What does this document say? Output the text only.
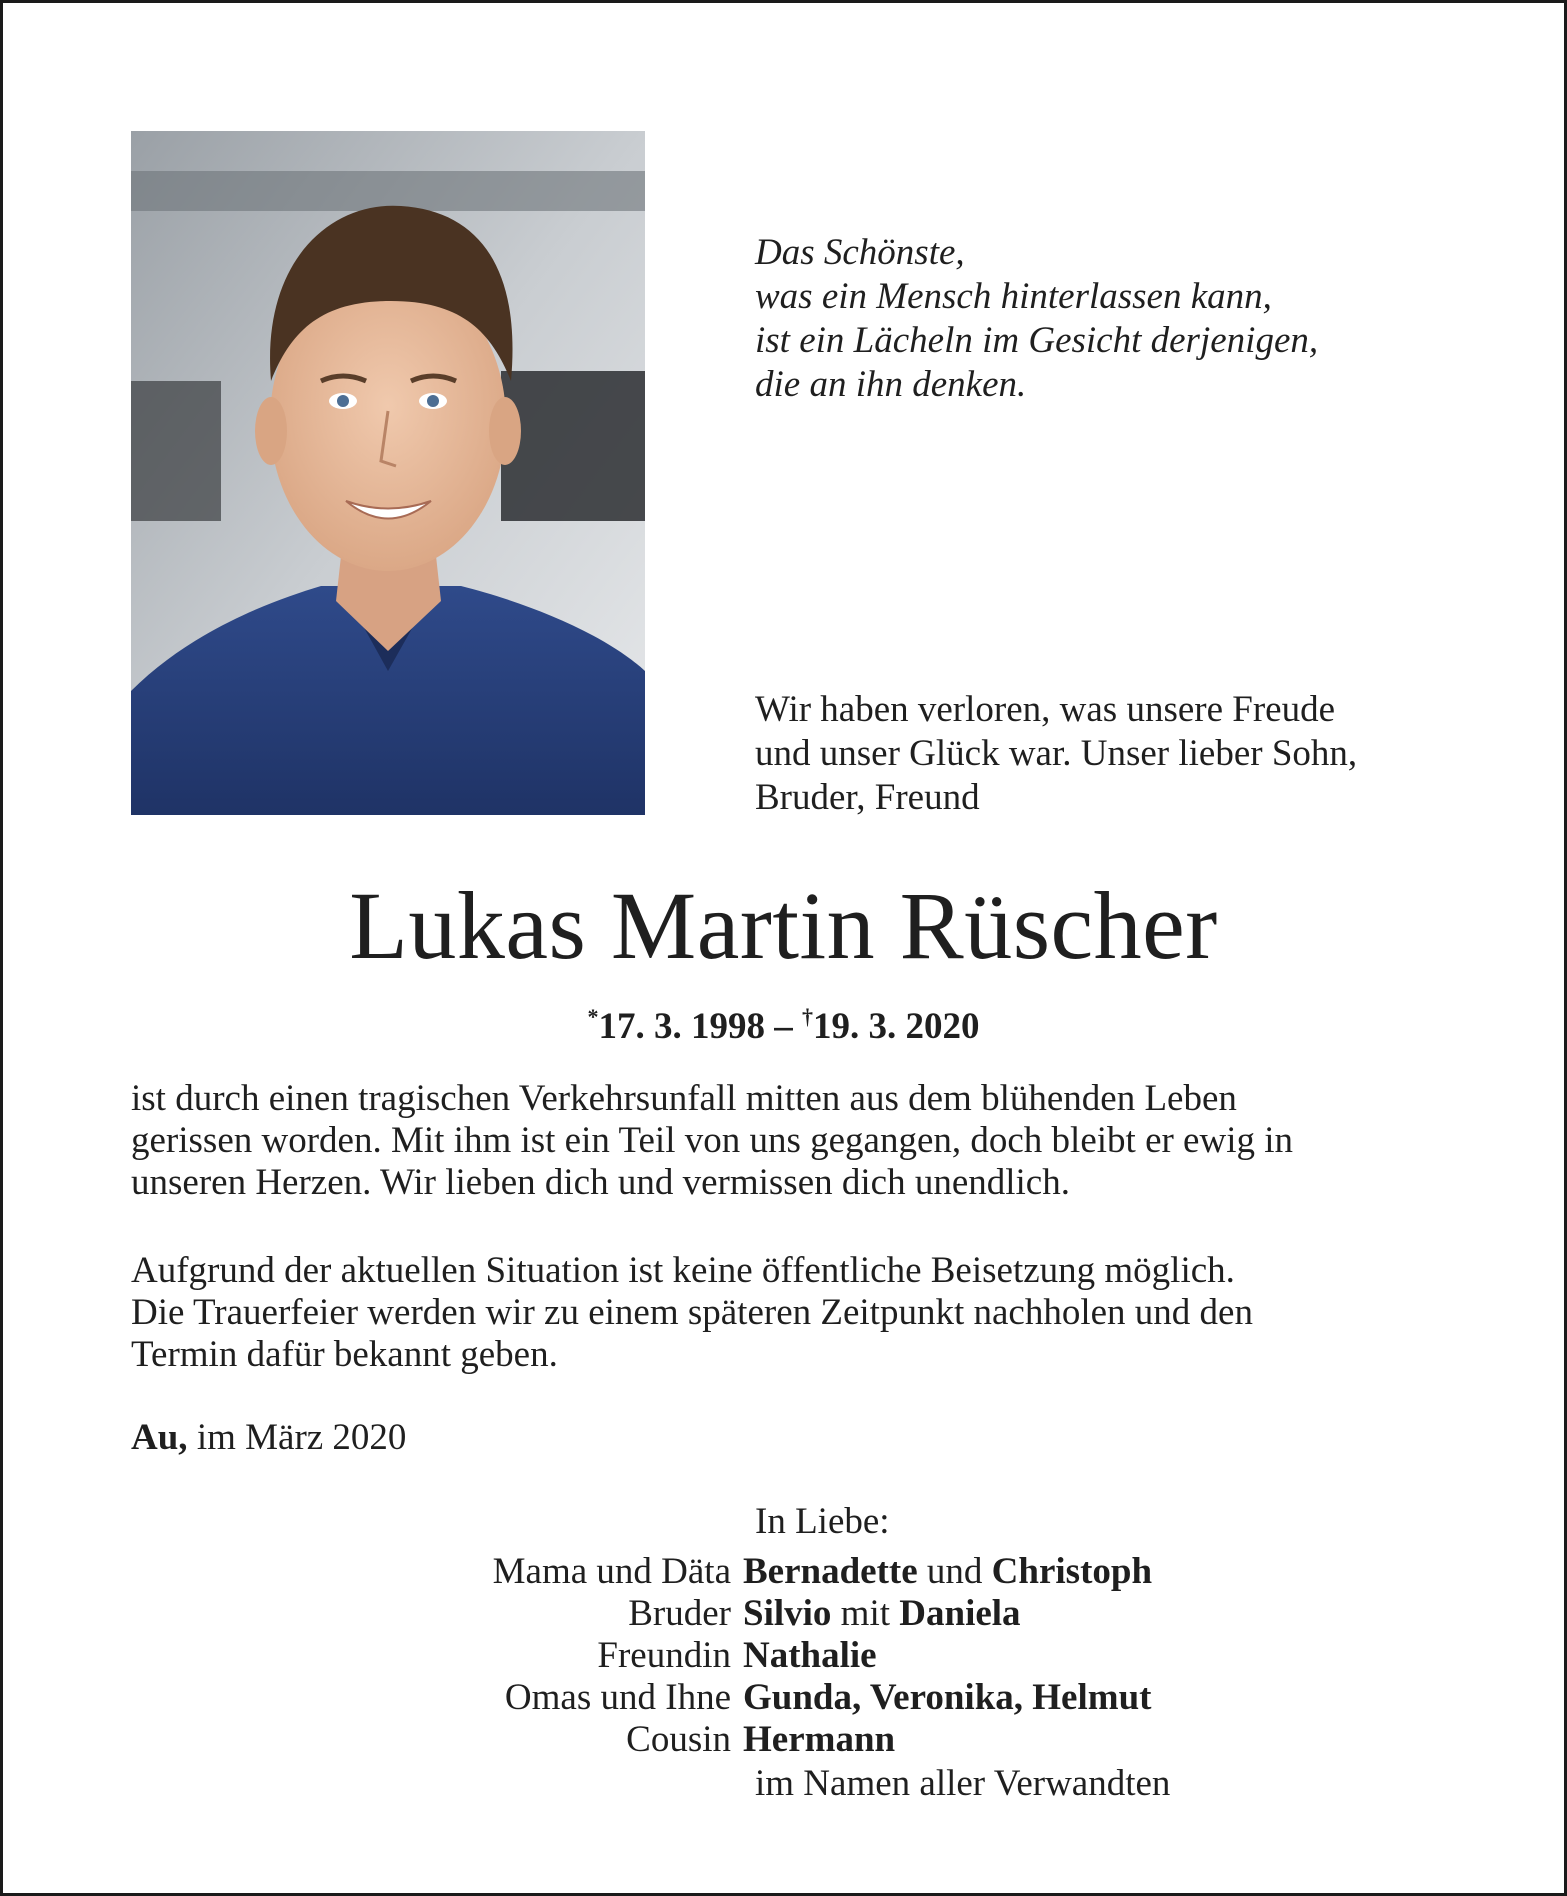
Das Schönste,
was ein Mensch hinterlassen kann,
ist ein Lächeln im Gesicht derjenigen,
die an ihn denken.
Wir haben verloren, was unsere Freude
und unser Glück war. Unser lieber Sohn,
Bruder, Freund
Lukas Martin Rüscher
*17. 3. 1998 – †19. 3. 2020
ist durch einen tragischen Verkehrsunfall mitten aus dem blühenden Leben
gerissen worden. Mit ihm ist ein Teil von uns gegangen, doch bleibt er ewig in
unseren Herzen. Wir lieben dich und vermissen dich unendlich.
Aufgrund der aktuellen Situation ist keine öffentliche Beisetzung möglich.
Die Trauerfeier werden wir zu einem späteren Zeitpunkt nachholen und den
Termin dafür bekannt geben.
Au, im März 2020
In Liebe:
Mama und Däta Bernadette und Christoph
Bruder Silvio mit Daniela
Freundin Nathalie
Omas und Ihne Gunda, Veronika, Helmut
Cousin Hermann
im Namen aller Verwandten
